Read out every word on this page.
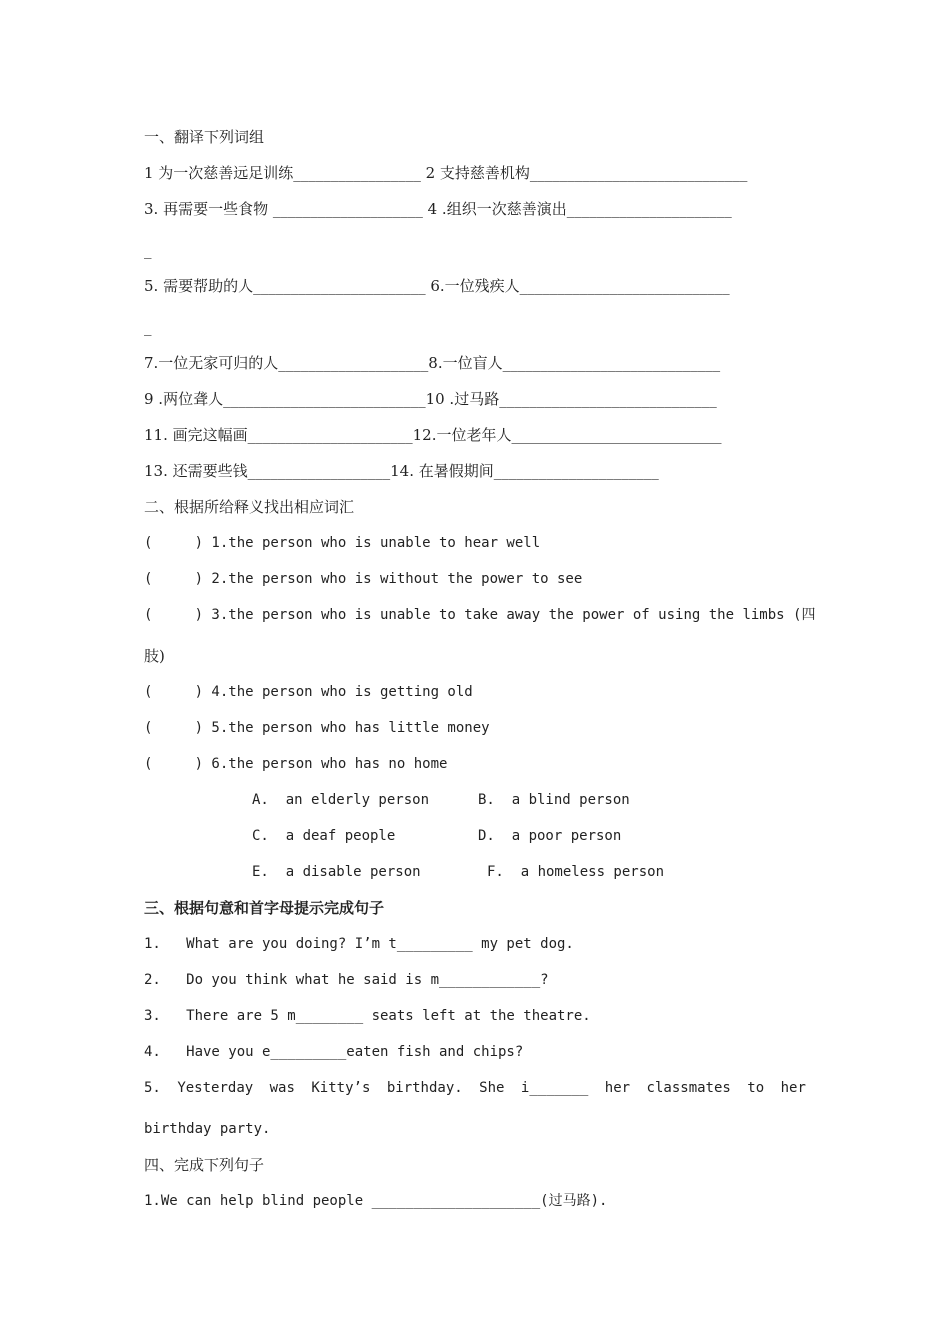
一、翻译下列词组
1 为一次慈善远足训练_________________ 2 支持慈善机构_____________________________
3. 再需要一些食物 ____________________ 4 .组织一次慈善演出______________________
_
5. 需要帮助的人_______________________ 6.一位残疾人____________________________
_
7.一位无家可归的人____________________8.一位盲人_____________________________
9 .两位聋人___________________________10 .过马路_____________________________
11. 画完这幅画______________________12.一位老年人____________________________
13. 还需要些钱___________________14. 在暑假期间______________________
二、根据所给释义找出相应词汇
(     ) 1.the person who is unable to hear well
(     ) 2.the person who is without the power to see
(     ) 3.the person who is unable to take away the power of using the limbs (四
肢)
(     ) 4.the person who is getting old
(     ) 5.the person who has little money
(     ) 6.the person who has no home
A.  an elderly person	B.  a blind person
C.  a deaf people	D.  a poor person
E.  a disable person	F.  a homeless person
三、根据句意和首字母提示完成句子
1.   What are you doing? I’m t_________ my pet dog.
2.   Do you think what he said is m____________?
3.   There are 5 m________ seats left at the theatre.
4.   Have you e_________eaten fish and chips?
5. Yesterday was Kitty’s birthday. She i_______ her classmates to her
birthday party.
四、完成下列句子
1.We can help blind people ____________________(过马路).
